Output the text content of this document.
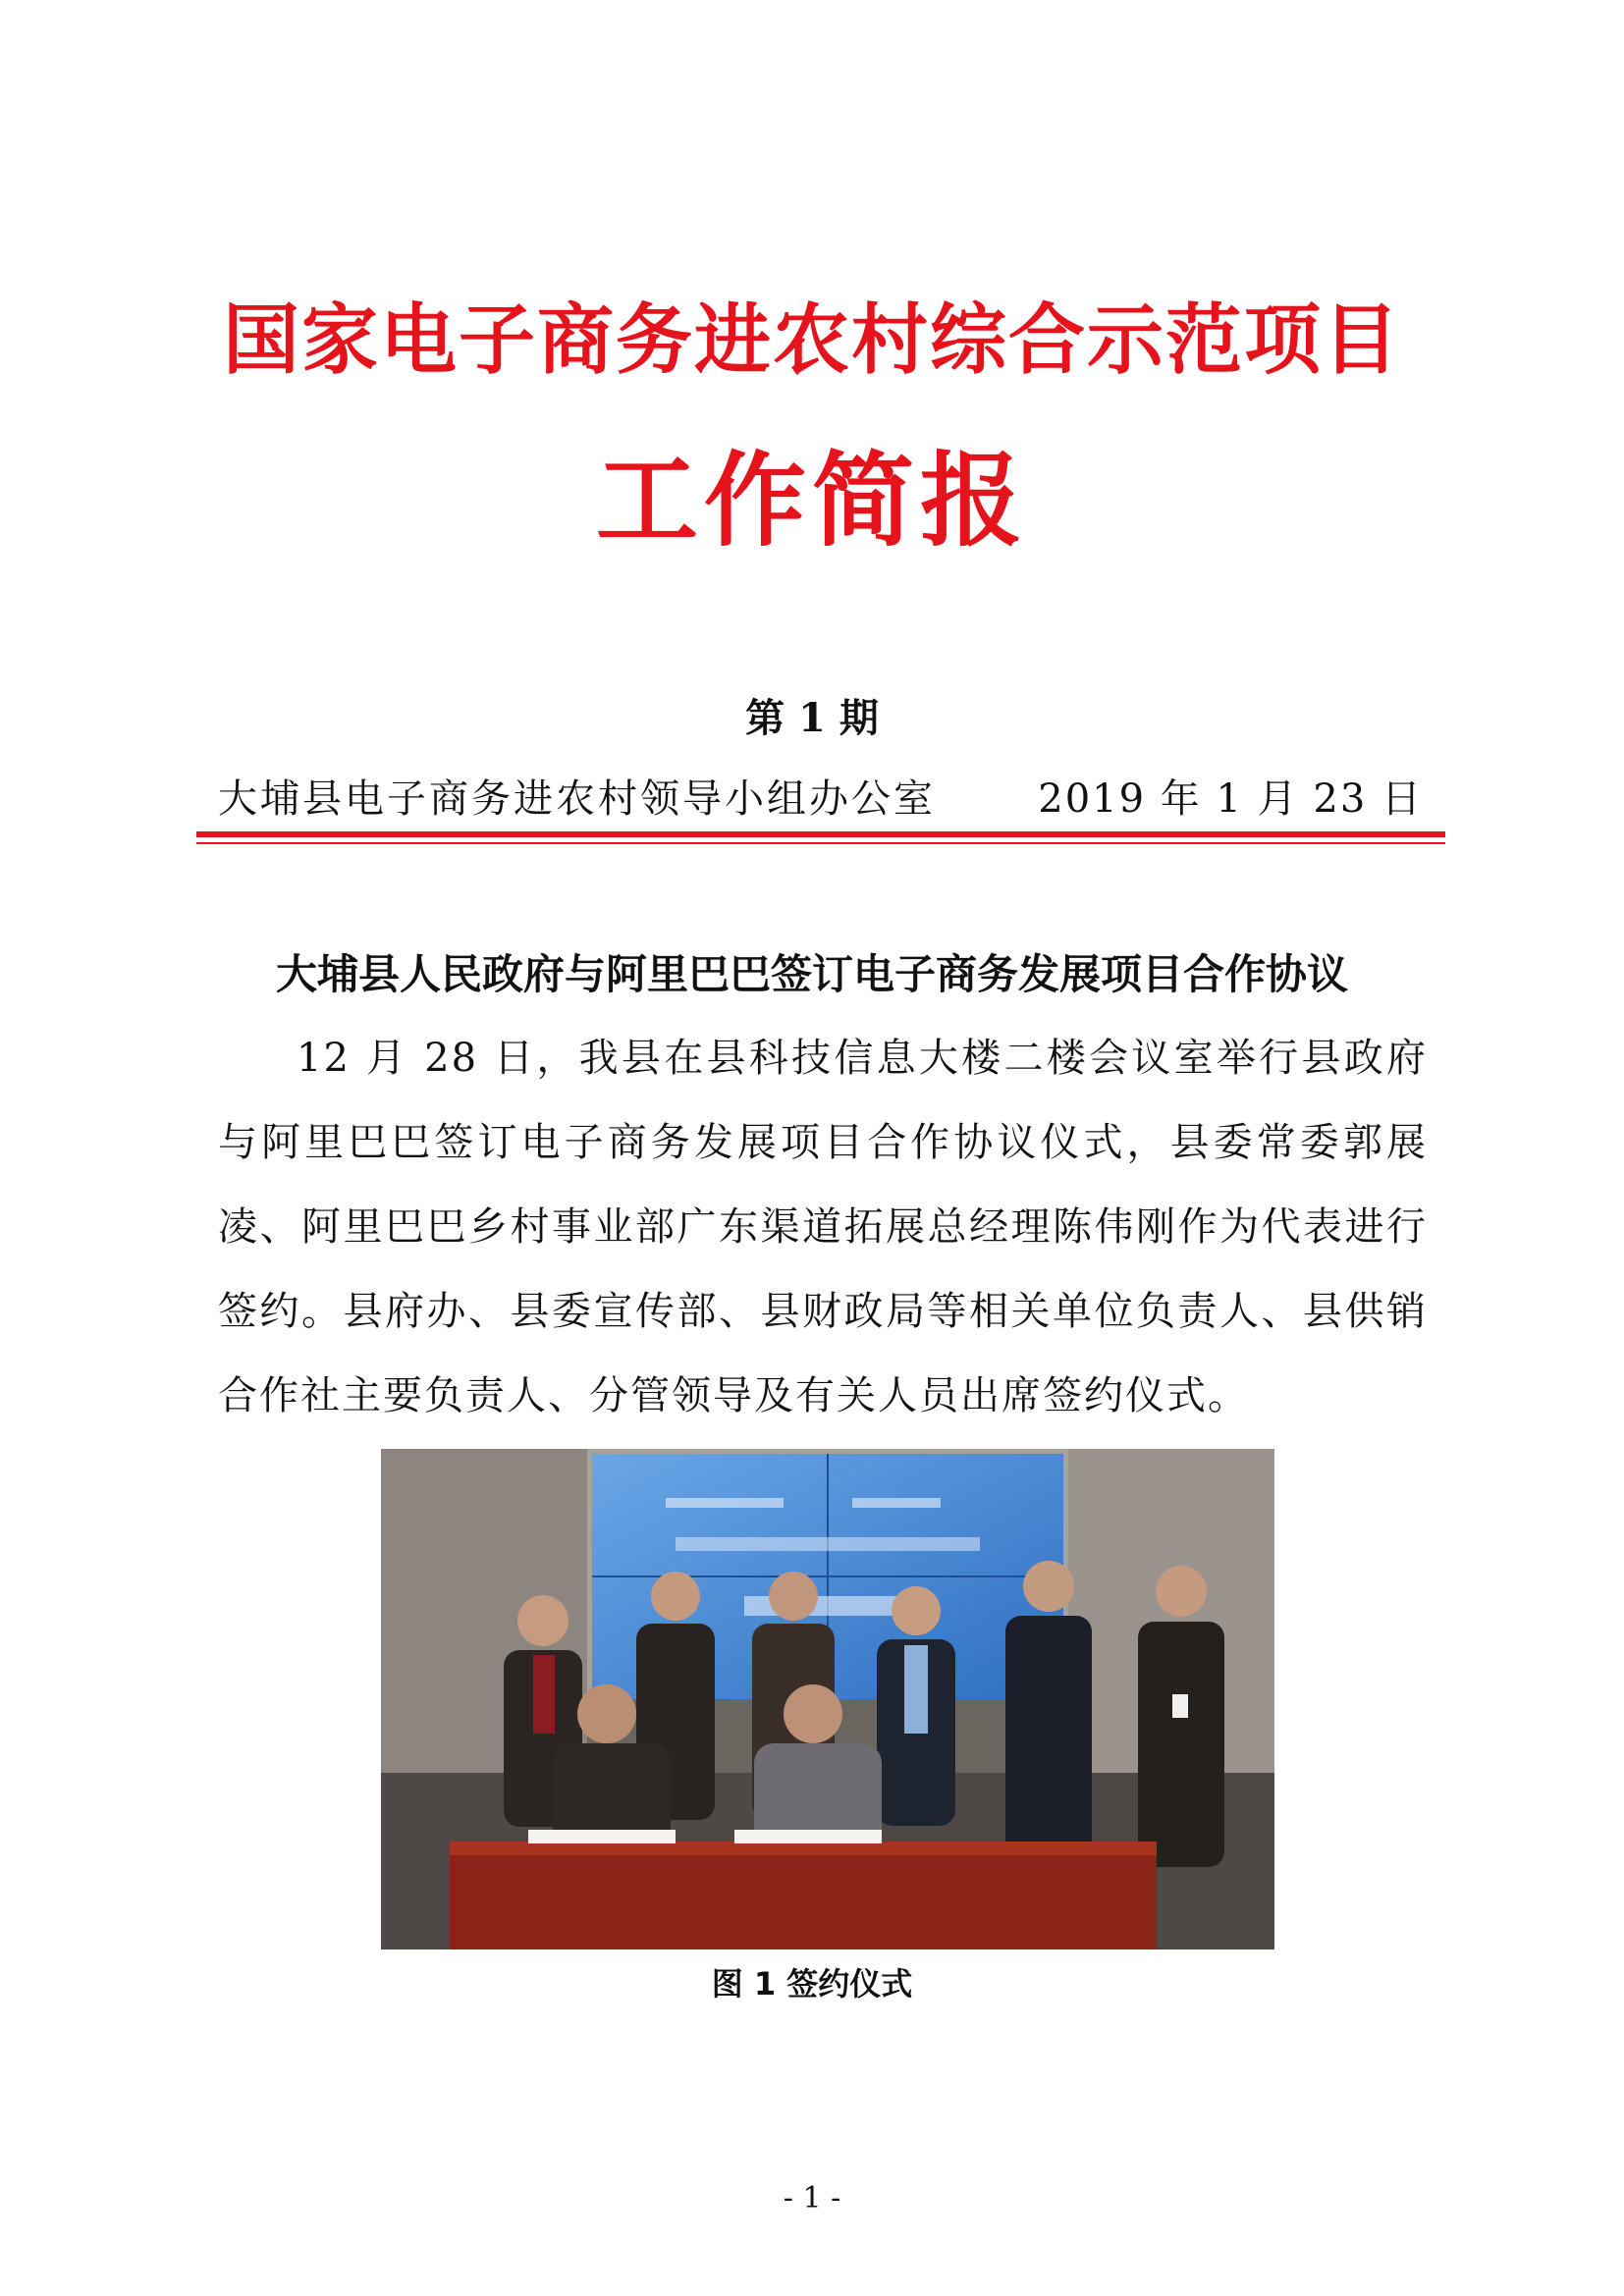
国家电子商务进农村综合示范项目
工作简报
第 1 期
大埔县电子商务进农村领导小组办公室	2019 年 1 月 23 日
大埔县人民政府与阿里巴巴签订电子商务发展项目合作协议

12 月 28 日，我县在县科技信息大楼二楼会议室举行县政府与阿里巴巴签订电子商务发展项目合作协议仪式，县委常委郭展凌、阿里巴巴乡村事业部广东渠道拓展总经理陈伟刚作为代表进行签约。县府办、县委宣传部、县财政局等相关单位负责人、县供销合作社主要负责人、分管领导及有关人员出席签约仪式。

图 1 签约仪式
- 1 -
